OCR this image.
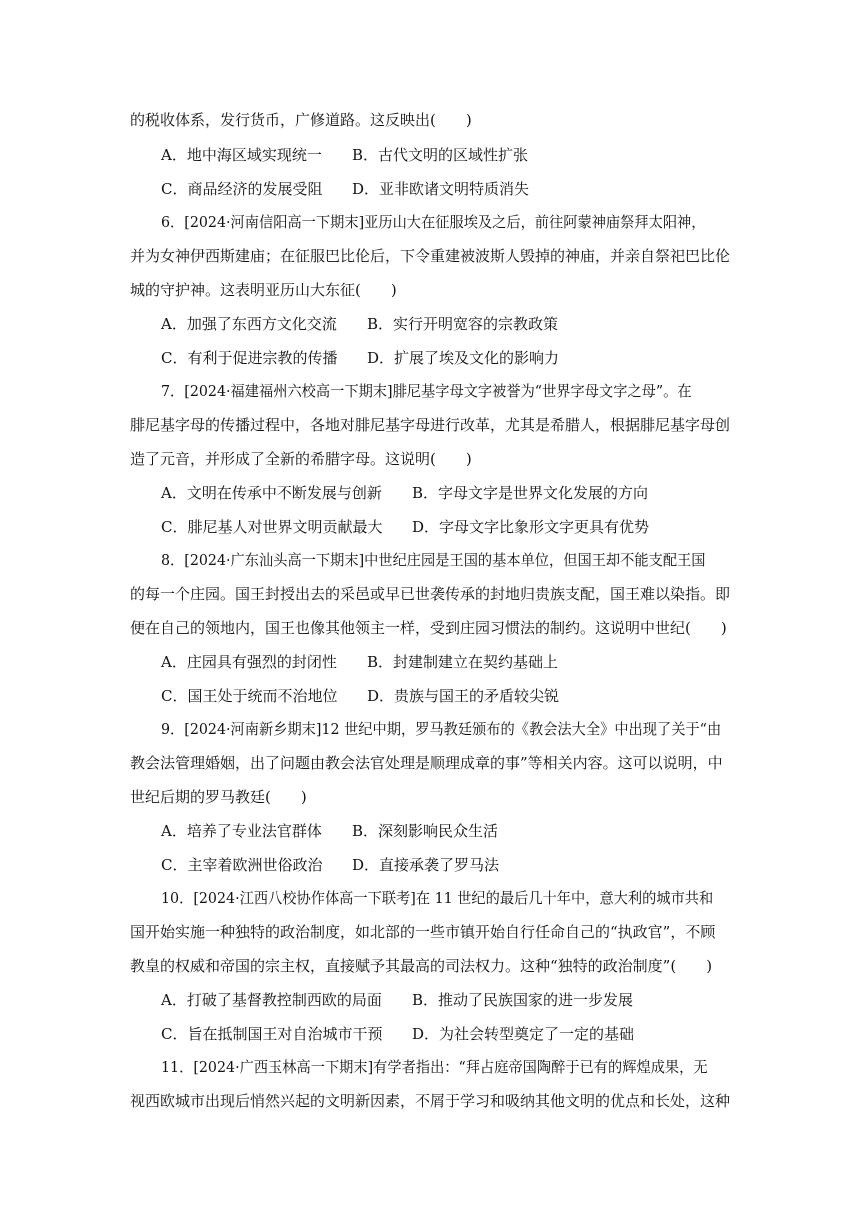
的税收体系，发行货币，广修道路。这反映出(　　)
A．地中海区域实现统一 B．古代文明的区域性扩张
C．商品经济的发展受阻 D．亚非欧诸文明特质消失
6．[2024·河南信阳高一下期末]亚历山大在征服埃及之后，前往阿蒙神庙祭拜太阳神，
并为女神伊西斯建庙；在征服巴比伦后，下令重建被波斯人毁掉的神庙，并亲自祭祀巴比伦
城的守护神。这表明亚历山大东征(　　)
A．加强了东西方文化交流 B．实行开明宽容的宗教政策
C．有利于促进宗教的传播 D．扩展了埃及文化的影响力
7．[2024·福建福州六校高一下期末]腓尼基字母文字被誉为“世界字母文字之母”。在
腓尼基字母的传播过程中，各地对腓尼基字母进行改革，尤其是希腊人，根据腓尼基字母创
造了元音，并形成了全新的希腊字母。这说明(　　)
A．文明在传承中不断发展与创新 B．字母文字是世界文化发展的方向
C．腓尼基人对世界文明贡献最大 D．字母文字比象形文字更具有优势
8．[2024·广东汕头高一下期末]中世纪庄园是王国的基本单位，但国王却不能支配王国
的每一个庄园。国王封授出去的采邑或早已世袭传承的封地归贵族支配，国王难以染指。即
便在自己的领地内，国王也像其他领主一样，受到庄园习惯法的制约。这说明中世纪(　　)
A．庄园具有强烈的封闭性 B．封建制建立在契约基础上
C．国王处于统而不治地位 D．贵族与国王的矛盾较尖锐
9．[2024·河南新乡期末]12 世纪中期，罗马教廷颁布的《教会法大全》中出现了关于“由
教会法管理婚姻，出了问题由教会法官处理是顺理成章的事”等相关内容。这可以说明，中
世纪后期的罗马教廷(　　)
A．培养了专业法官群体 B．深刻影响民众生活
C．主宰着欧洲世俗政治 D．直接承袭了罗马法
10．[2024·江西八校协作体高一下联考]在 11 世纪的最后几十年中，意大利的城市共和
国开始实施一种独特的政治制度，如北部的一些市镇开始自行任命自己的“执政官”，不顾
教皇的权威和帝国的宗主权，直接赋予其最高的司法权力。这种“独特的政治制度”(　　)
A．打破了基督教控制西欧的局面 B．推动了民族国家的进一步发展
C．旨在抵制国王对自治城市干预 D．为社会转型奠定了一定的基础
11．[2024·广西玉林高一下期末]有学者指出：“拜占庭帝国陶醉于已有的辉煌成果，无
视西欧城市出现后悄然兴起的文明新因素，不屑于学习和吸纳其他文明的优点和长处，这种
